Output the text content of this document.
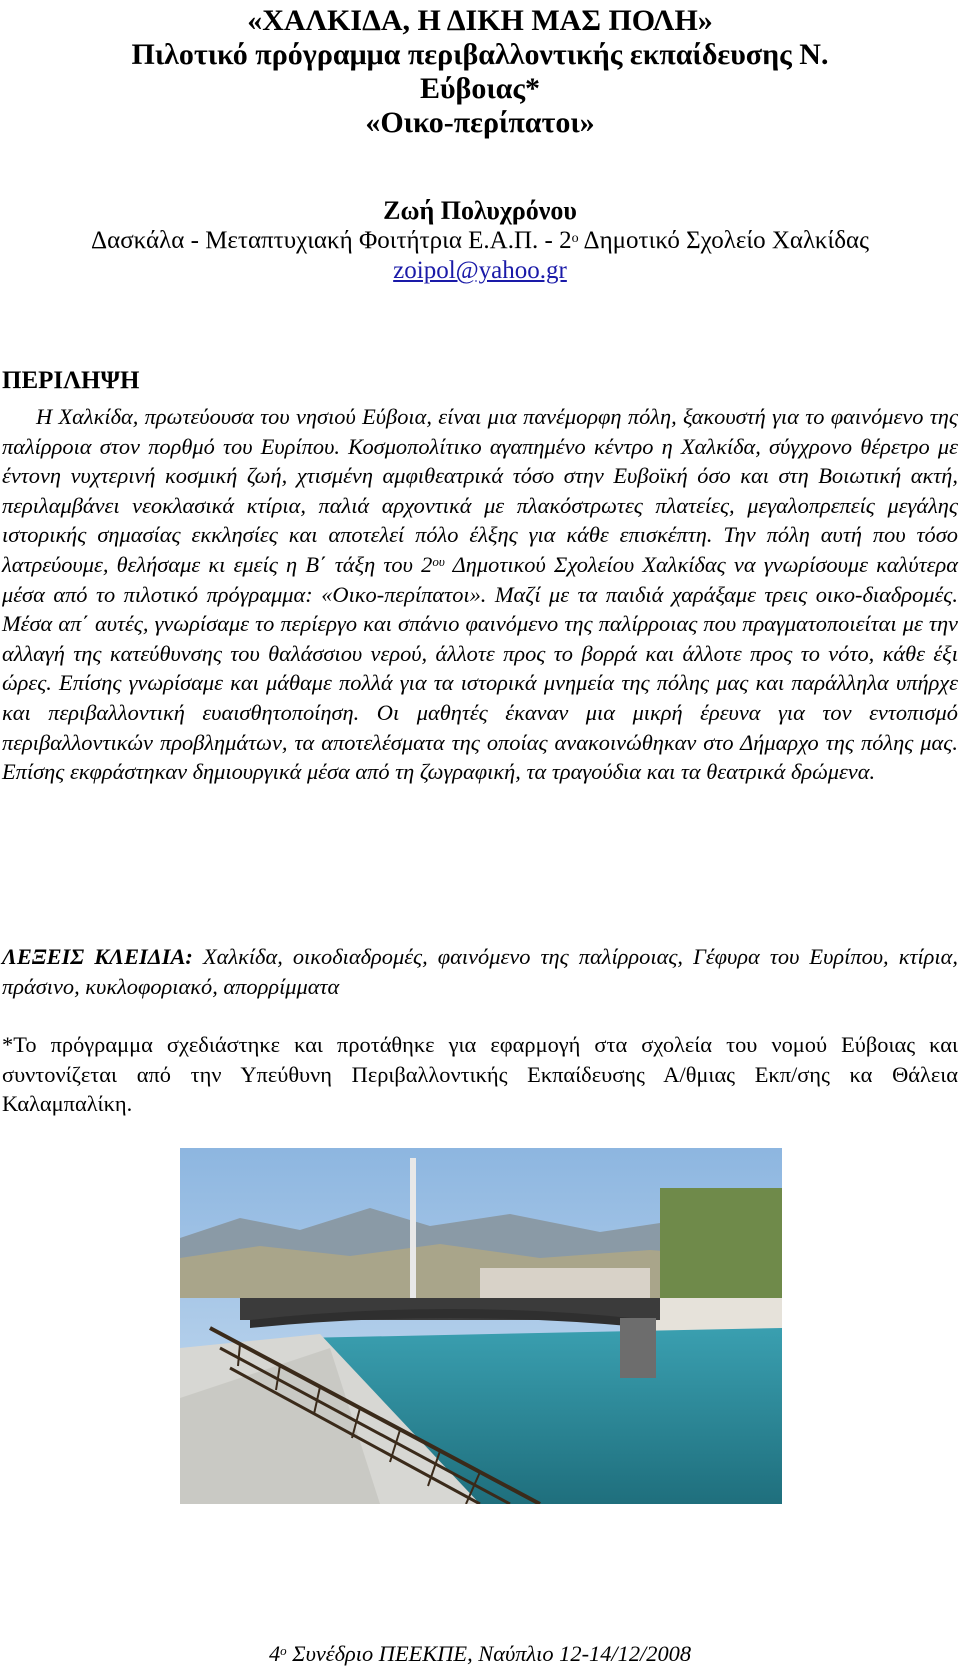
«ΧΑΛΚΙΔΑ, Η ΔΙΚΗ ΜΑΣ ΠΟΛΗ»
Πιλοτικό πρόγραμμα περιβαλλοντικής εκπαίδευσης Ν.
Εύβοιας*
«Οικο-περίπατοι»
Ζωή Πολυχρόνου
Δασκάλα - Μεταπτυχιακή Φοιτήτρια Ε.Α.Π. - $2^o$ Δημοτικό Σχολείο Χαλκίδας
zoipol@yahoo.gr
ΠΕΡΙΛΗΨΗ
Η Χαλκίδα, πρωτεύουσα του νησιού Εύβοια, είναι μια πανέμορφη πόλη, ξακουστή για το φαινόμενο της παλίρροια στον πορθμό του Ευρίπου. Κοσμοπολίτικο αγαπημένο κέντρο η Χαλκίδα, σύγχρονο θέρετρο με έντονη νυχτερινή κοσμική ζωή, χτισμένη αμφιθεατρικά τόσο στην Ευβοϊκή όσο και στη Βοιωτική ακτή, περιλαμβάνει νεοκλασικά κτίρια, παλιά αρχοντικά με πλακόστρωτες πλατείες, μεγαλοπρεπείς μεγάλης ιστορικής σημασίας εκκλησίες και αποτελεί πόλο έλξης για κάθε επισκέπτη. Την πόλη αυτή που τόσο λατρεύουμε, θελήσαμε κι εμείς η Β΄ τάξη του $2^{o\upsilon}$ Δημοτικού Σχολείου Χαλκίδας να γνωρίσουμε καλύτερα μέσα από το πιλοτικό πρόγραμμα: «Οικο-περίπατοι». Μαζί με τα παιδιά χαράξαμε τρεις οικο-διαδρομές. Μέσα απ΄ αυτές, γνωρίσαμε το περίεργο και σπάνιο φαινόμενο της παλίρροιας που πραγματοποιείται με την αλλαγή της κατεύθυνσης του θαλάσσιου νερού, άλλοτε προς το βορρά και άλλοτε προς το νότο, κάθε έξι ώρες. Επίσης γνωρίσαμε και μάθαμε πολλά για τα ιστορικά μνημεία της πόλης μας και παράλληλα υπήρχε και περιβαλλοντική ευαισθητοποίηση. Οι μαθητές έκαναν μια μικρή έρευνα για τον εντοπισμό περιβαλλοντικών προβλημάτων, τα αποτελέσματα της οποίας ανακοινώθηκαν στο Δήμαρχο της πόλης μας. Επίσης εκφράστηκαν δημιουργικά μέσα από τη ζωγραφική, τα τραγούδια και τα θεατρικά δρώμενα.
ΛΕΞΕΙΣ ΚΛΕΙΔΙΑ: Χαλκίδα, οικοδιαδρομές, φαινόμενο της παλίρροιας, Γέφυρα του Ευρίπου, κτίρια, πράσινο, κυκλοφοριακό, απορρίμματα
*Το πρόγραμμα σχεδιάστηκε και προτάθηκε για εφαρμογή στα σχολεία του νομού Εύβοιας και συντονίζεται από την Υπεύθυνη Περιβαλλοντικής Εκπαίδευσης Α/θμιας Εκπ/σης κα Θάλεια Καλαμπαλίκη.
$4^o$ Συνέδριο ΠΕΕΚΠΕ, Ναύπλιο 12-14/12/2008
